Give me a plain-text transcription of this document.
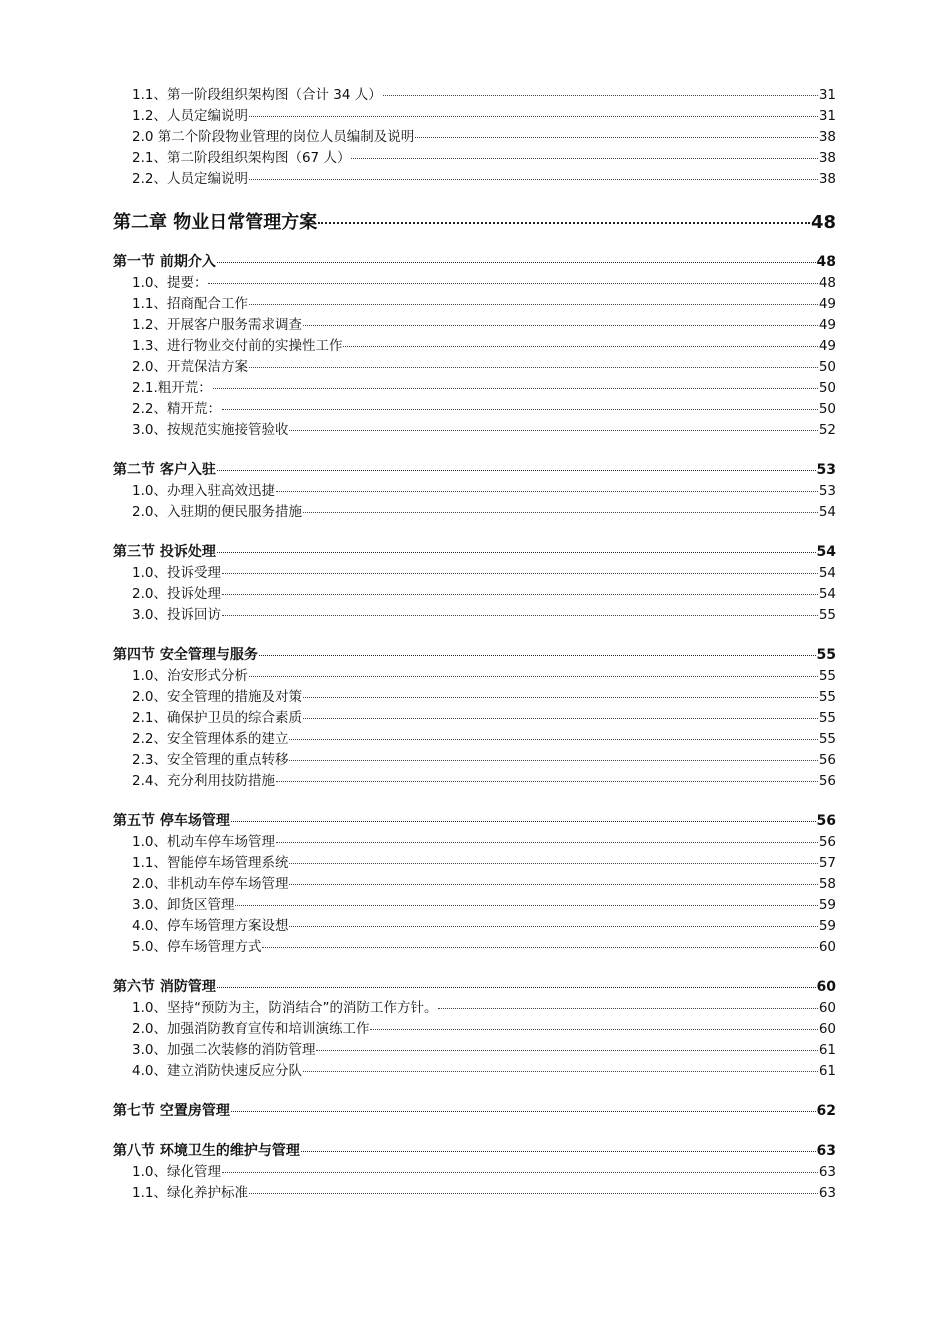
1.1、第一阶段组织架构图（合计 34 人）	31
1.2、人员定编说明	31
2.0 第二个阶段物业管理的岗位人员编制及说明	38
2.1、第二阶段组织架构图（67 人）	38
2.2、人员定编说明	38
第二章 物业日常管理方案	48
第一节 前期介入	48
1.0、提要：	48
1.1、招商配合工作	49
1.2、开展客户服务需求调查	49
1.3、进行物业交付前的实操性工作	49
2.0、开荒保洁方案	50
2.1.粗开荒：	50
2.2、精开荒：	50
3.0、按规范实施接管验收	52
第二节 客户入驻	53
1.0、办理入驻高效迅捷	53
2.0、入驻期的便民服务措施	54
第三节 投诉处理	54
1.0、投诉受理	54
2.0、投诉处理	54
3.0、投诉回访	55
第四节 安全管理与服务	55
1.0、治安形式分析	55
2.0、安全管理的措施及对策	55
2.1、确保护卫员的综合素质	55
2.2、安全管理体系的建立	55
2.3、安全管理的重点转移	56
2.4、充分利用技防措施	56
第五节 停车场管理	56
1.0、机动车停车场管理	56
1.1、智能停车场管理系统	57
2.0、非机动车停车场管理	58
3.0、卸货区管理	59
4.0、停车场管理方案设想	59
5.0、停车场管理方式	60
第六节 消防管理	60
1.0、坚持“预防为主，防消结合”的消防工作方针。	60
2.0、加强消防教育宣传和培训演练工作	60
3.0、加强二次装修的消防管理	61
4.0、建立消防快速反应分队	61
第七节 空置房管理	62
第八节 环境卫生的维护与管理	63
1.0、绿化管理	63
1.1、绿化养护标准	63
